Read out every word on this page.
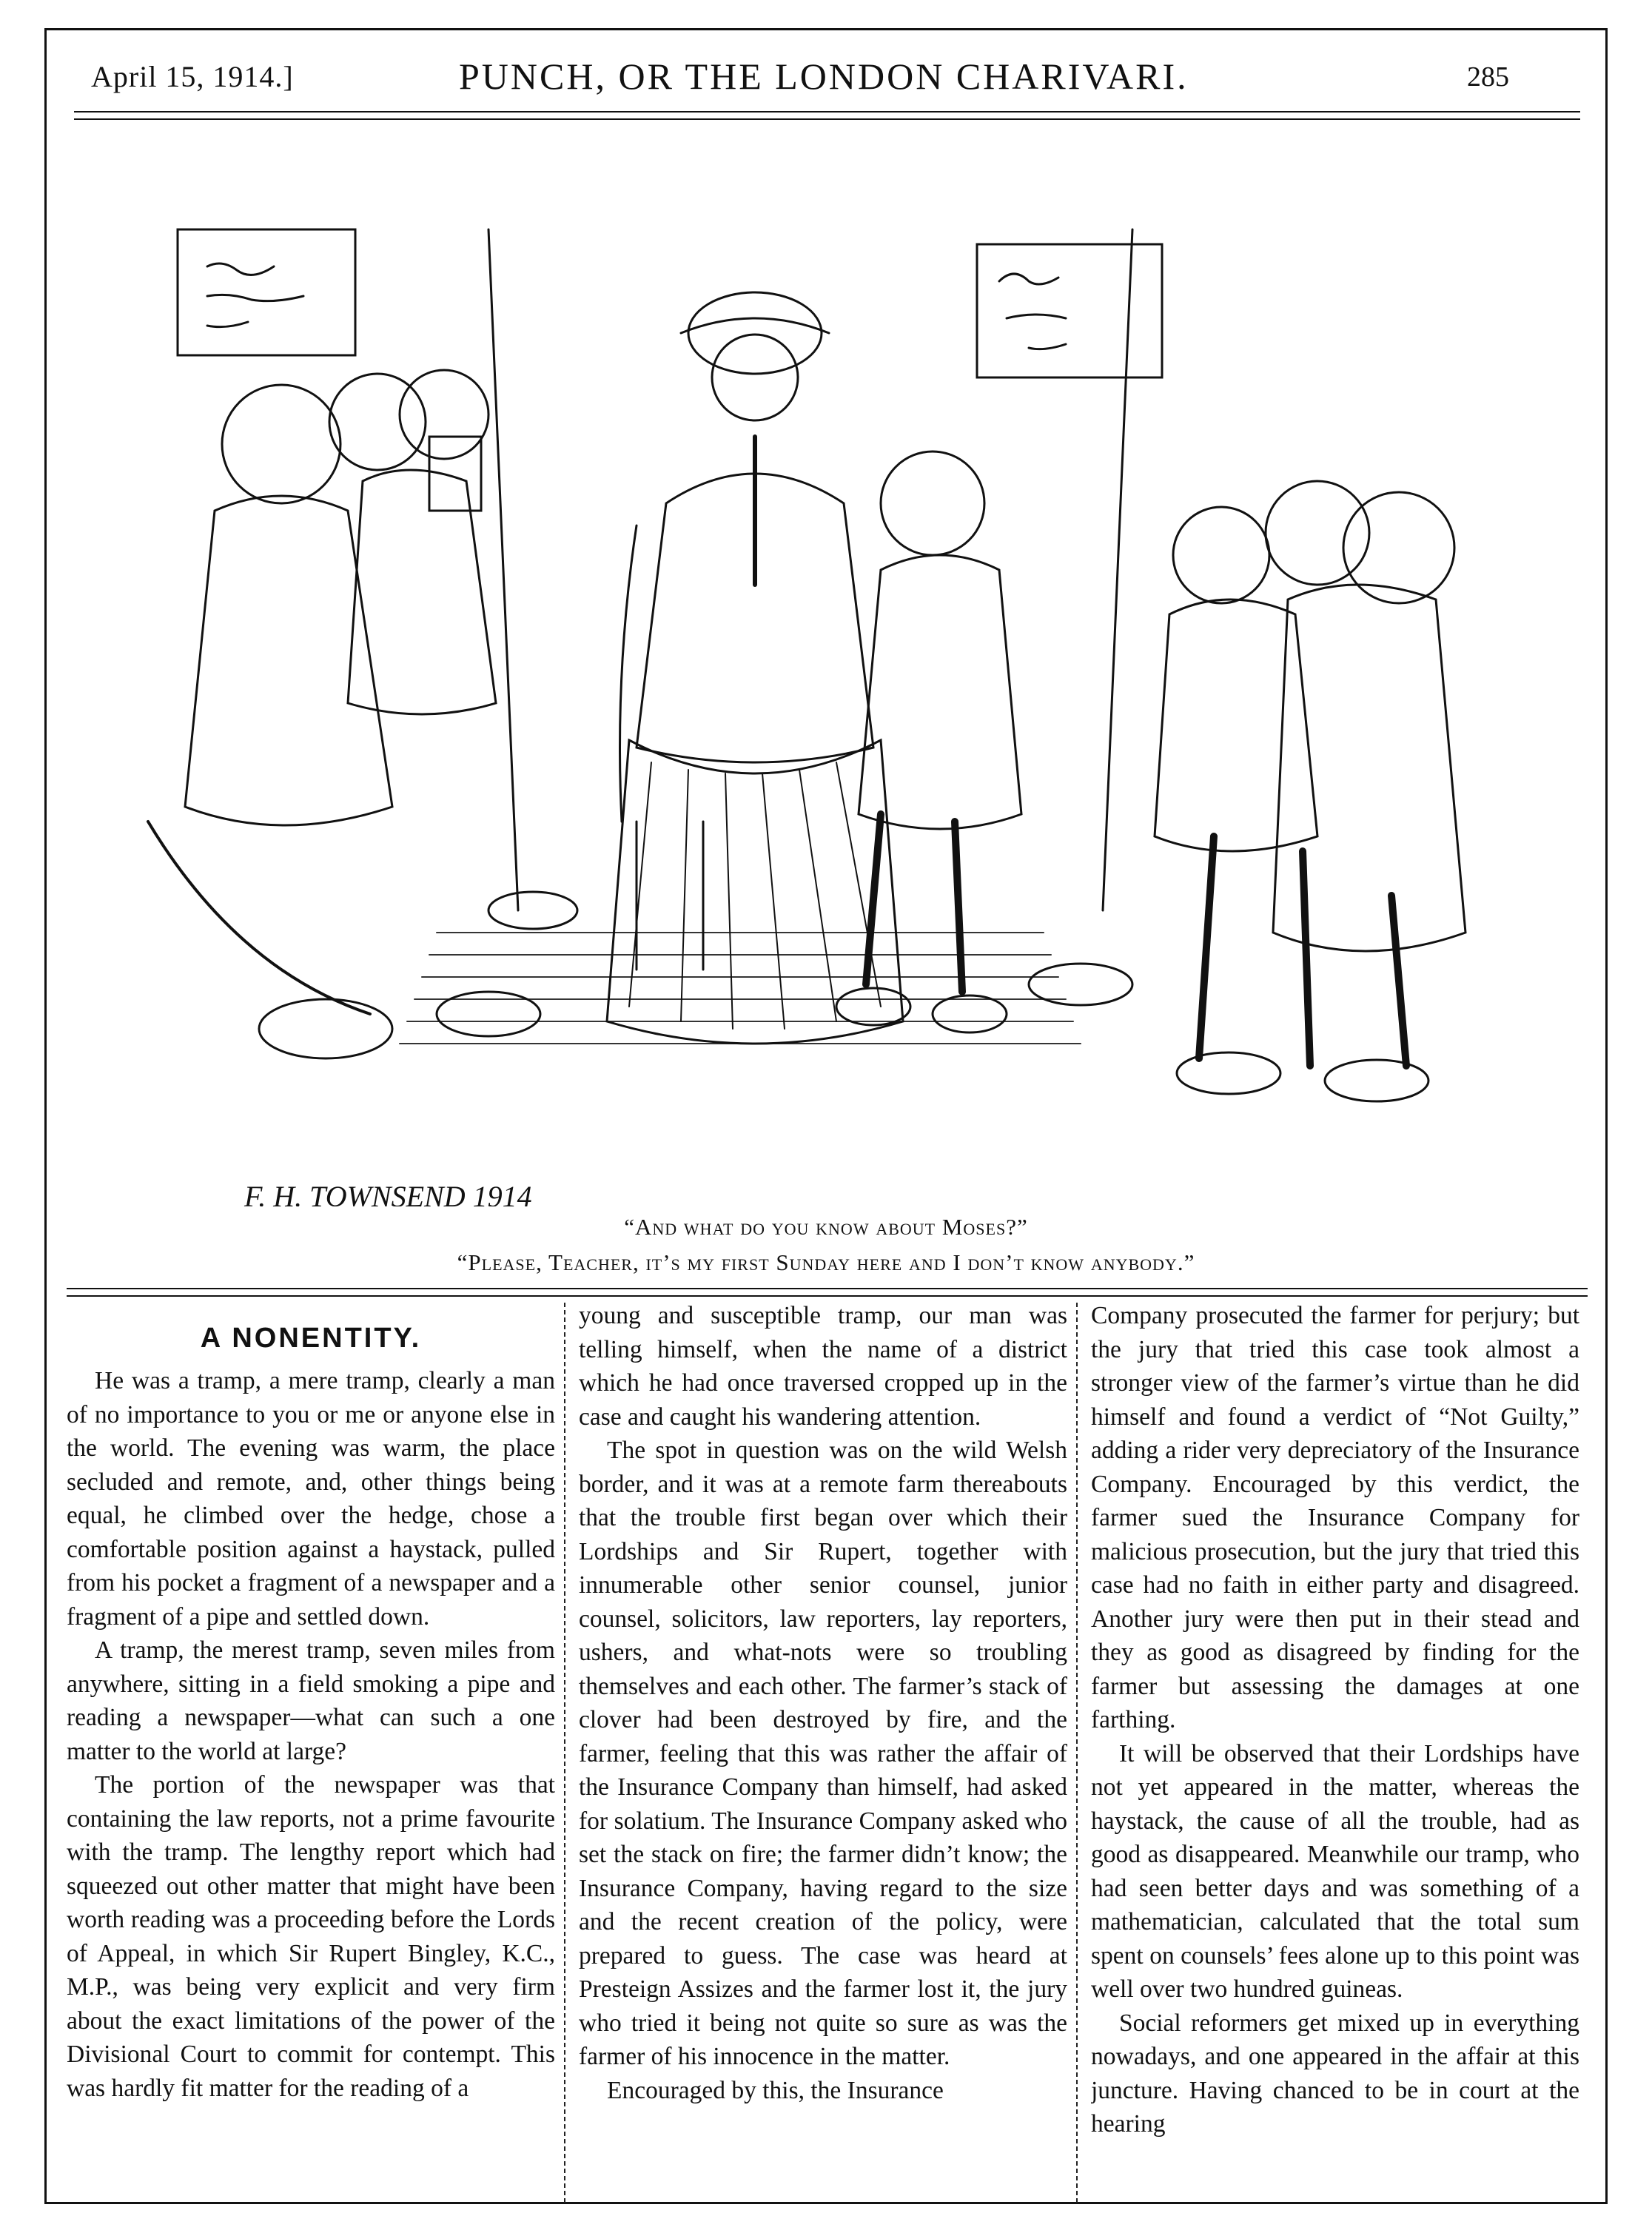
April 15, 1914.]	PUNCH, OR THE LONDON CHARIVARI.	285
F. H. TOWNSEND 1914
“And what do you know about Moses?”
“Please, Teacher, it’s my first Sunday here and I don’t know anybody.”
A NONENTITY.

He was a tramp, a mere tramp, clearly a man of no importance to you or me or anyone else in the world. The evening was warm, the place secluded and remote, and, other things being equal, he climbed over the hedge, chose a comfortable position against a haystack, pulled from his pocket a fragment of a newspaper and a fragment of a pipe and settled down.

A tramp, the merest tramp, seven miles from anywhere, sitting in a field smoking a pipe and reading a newspaper—what can such a one matter to the world at large?

The portion of the newspaper was that containing the law reports, not a prime favourite with the tramp. The lengthy report which had squeezed out other matter that might have been worth reading was a proceeding before the Lords of Appeal, in which Sir Rupert Bingley, K.C., M.P., was being very explicit and very firm about the exact limitations of the power of the Divisional Court to commit for contempt. This was hardly fit matter for the reading of a

young and susceptible tramp, our man was telling himself, when the name of a district which he had once traversed cropped up in the case and caught his wandering attention.

The spot in question was on the wild Welsh border, and it was at a remote farm thereabouts that the trouble first began over which their Lordships and Sir Rupert, together with innumerable other senior counsel, junior counsel, solicitors, law reporters, lay reporters, ushers, and what-nots were so troubling themselves and each other. The farmer’s stack of clover had been destroyed by fire, and the farmer, feeling that this was rather the affair of the Insurance Company than himself, had asked for solatium. The Insurance Company asked who set the stack on fire; the farmer didn’t know; the Insurance Company, having regard to the size and the recent creation of the policy, were prepared to guess. The case was heard at Presteign Assizes and the farmer lost it, the jury who tried it being not quite so sure as was the farmer of his innocence in the matter.

Encouraged by this, the Insurance

Company prosecuted the farmer for perjury; but the jury that tried this case took almost a stronger view of the farmer’s virtue than he did himself and found a verdict of “Not Guilty,” adding a rider very depreciatory of the Insurance Company. Encouraged by this verdict, the farmer sued the Insurance Company for malicious prosecution, but the jury that tried this case had no faith in either party and disagreed. Another jury were then put in their stead and they as good as disagreed by finding for the farmer but assessing the damages at one farthing.

It will be observed that their Lordships have not yet appeared in the matter, whereas the haystack, the cause of all the trouble, had as good as disappeared. Meanwhile our tramp, who had seen better days and was something of a mathematician, calculated that the total sum spent on counsels’ fees alone up to this point was well over two hundred guineas.

Social reformers get mixed up in everything nowadays, and one appeared in the affair at this juncture. Having chanced to be in court at the hearing
